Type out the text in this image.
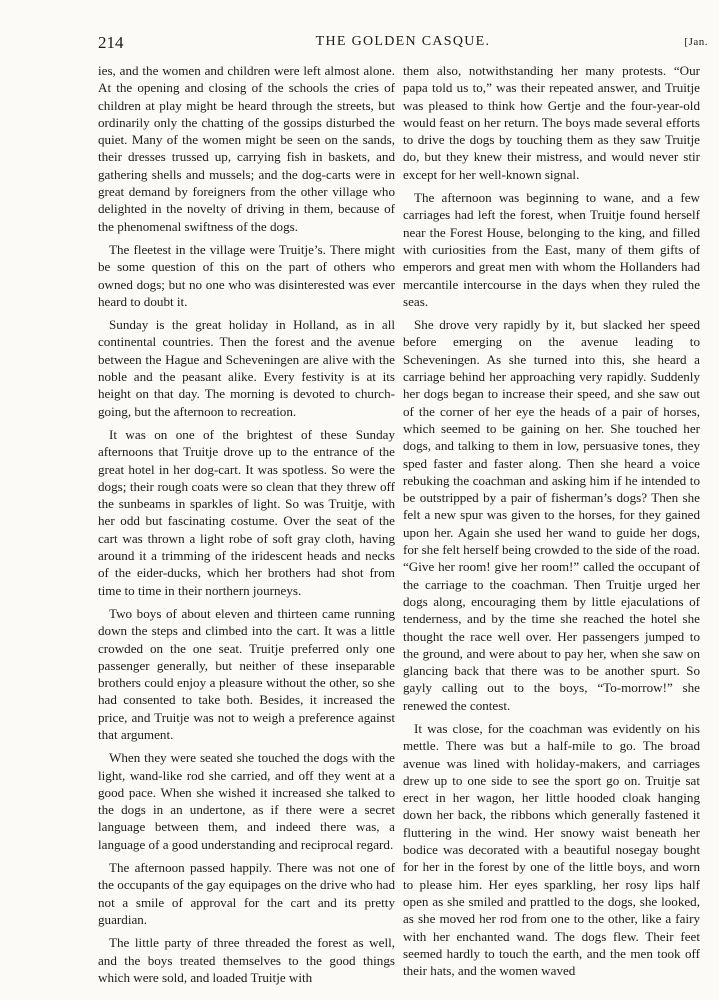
214	THE GOLDEN CASQUE.	[Jan.

ies, and the women and children were left almost alone. At the opening and closing of the schools the cries of children at play might be heard through the streets, but ordinarily only the chatting of the gossips disturbed the quiet. Many of the women might be seen on the sands, their dresses trussed up, carrying fish in baskets, and gathering shells and mussels; and the dog-carts were in great demand by foreigners from the other village who delighted in the novelty of driving in them, because of the phenomenal swiftness of the dogs.

The fleetest in the village were Truitje’s. There might be some question of this on the part of others who owned dogs; but no one who was disinterested was ever heard to doubt it.

Sunday is the great holiday in Holland, as in all continental countries. Then the forest and the avenue between the Hague and Scheveningen are alive with the noble and the peasant alike. Every festivity is at its height on that day. The morning is devoted to church-going, but the afternoon to recreation.

It was on one of the brightest of these Sunday afternoons that Truitje drove up to the entrance of the great hotel in her dog-cart. It was spotless. So were the dogs; their rough coats were so clean that they threw off the sunbeams in sparkles of light. So was Truitje, with her odd but fascinating costume. Over the seat of the cart was thrown a light robe of soft gray cloth, having around it a trimming of the iridescent heads and necks of the eider-ducks, which her brothers had shot from time to time in their northern journeys.

Two boys of about eleven and thirteen came running down the steps and climbed into the cart. It was a little crowded on the one seat. Truitje preferred only one passenger generally, but neither of these inseparable brothers could enjoy a pleasure without the other, so she had consented to take both. Besides, it increased the price, and Truitje was not to weigh a preference against that argument.

When they were seated she touched the dogs with the light, wand-like rod she carried, and off they went at a good pace. When she wished it increased she talked to the dogs in an undertone, as if there were a secret language between them, and indeed there was, a language of a good understanding and reciprocal regard.

The afternoon passed happily. There was not one of the occupants of the gay equipages on the drive who had not a smile of approval for the cart and its pretty guardian.

The little party of three threaded the forest as well, and the boys treated themselves to the good things which were sold, and loaded Truitje with

them also, notwithstanding her many protests. “Our papa told us to,” was their repeated answer, and Truitje was pleased to think how Gertje and the four-year-old would feast on her return. The boys made several efforts to drive the dogs by touching them as they saw Truitje do, but they knew their mistress, and would never stir except for her well-known signal.

The afternoon was beginning to wane, and a few carriages had left the forest, when Truitje found herself near the Forest House, belonging to the king, and filled with curiosities from the East, many of them gifts of emperors and great men with whom the Hollanders had mercantile intercourse in the days when they ruled the seas.

She drove very rapidly by it, but slacked her speed before emerging on the avenue leading to Scheveningen. As she turned into this, she heard a carriage behind her approaching very rapidly. Suddenly her dogs began to increase their speed, and she saw out of the corner of her eye the heads of a pair of horses, which seemed to be gaining on her. She touched her dogs, and talking to them in low, persuasive tones, they sped faster and faster along. Then she heard a voice rebuking the coachman and asking him if he intended to be outstripped by a pair of fisherman’s dogs? Then she felt a new spur was given to the horses, for they gained upon her. Again she used her wand to guide her dogs, for she felt herself being crowded to the side of the road. “Give her room! give her room!” called the occupant of the carriage to the coachman. Then Truitje urged her dogs along, encouraging them by little ejaculations of tenderness, and by the time she reached the hotel she thought the race well over. Her passengers jumped to the ground, and were about to pay her, when she saw on glancing back that there was to be another spurt. So gayly calling out to the boys, “To-morrow!” she renewed the contest.

It was close, for the coachman was evidently on his mettle. There was but a half-mile to go. The broad avenue was lined with holiday-makers, and carriages drew up to one side to see the sport go on. Truitje sat erect in her wagon, her little hooded cloak hanging down her back, the ribbons which generally fastened it fluttering in the wind. Her snowy waist beneath her bodice was decorated with a beautiful nosegay bought for her in the forest by one of the little boys, and worn to please him. Her eyes sparkling, her rosy lips half open as she smiled and prattled to the dogs, she looked, as she moved her rod from one to the other, like a fairy with her enchanted wand. The dogs flew. Their feet seemed hardly to touch the earth, and the men took off their hats, and the women waved
